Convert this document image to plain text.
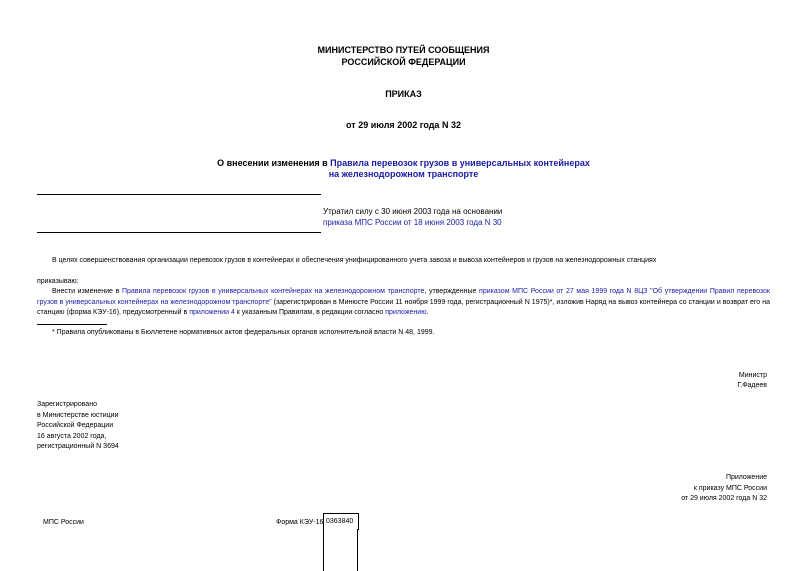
МИНИСТЕРСТВО ПУТЕЙ СООБЩЕНИЯ
РОССИЙСКОЙ ФЕДЕРАЦИИ
ПРИКАЗ
от 29 июля 2002 года N 32
О внесении изменения в Правила перевозок грузов в универсальных контейнерах
на железнодорожном транспорте
Утратил силу с 30 июня 2003 года на основании
приказа МПС России от 18 июня 2003 года N 30
В целях совершенствования организации перевозок грузов в контейнерах и обеспечения унифицированного учета завоза и вывоза контейнеров и грузов на железнодорожных станциях
приказываю:
Внести изменение в Правила перевозок грузов в универсальных контейнерах на железнодорожном транспорте, утвержденные приказом МПС России от 27 мая 1999 года N 8ЦЗ "Об утверждении Правил перевозок грузов в универсальных контейнерах на железнодорожном транспорте" (зарегистрирован в Минюсте России 11 ноября 1999 года, регистрационный N 1975)*, изложив Наряд на вывоз контейнера со станции и возврат его на станцию (форма КЭУ-16), предусмотренный в приложении 4 к указанным Правилам, в редакции согласно приложению.
* Правила опубликованы в Бюллетене нормативных актов федеральных органов исполнительной власти N 48, 1999.
Министр
Г.Фадеев
Зарегистрировано
в Министерстве юстиции
Российской Федерации
16 августа 2002 года,
регистрационный N 3694
Приложение
к приказу МПС России
от 29 июля 2002 года N 32
МПС России	Форма КЭУ-16 0363840
